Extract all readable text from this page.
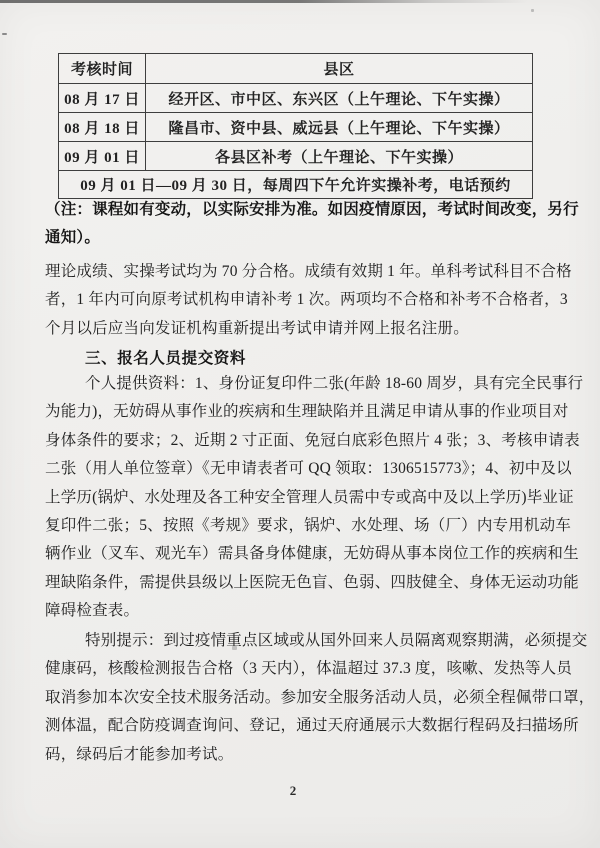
考核时间	县区
08 月 17 日	经开区、市中区、东兴区（上午理论、下午实操）
08 月 18 日	隆昌市、资中县、威远县（上午理论、下午实操）
09 月 01 日	各县区补考（上午理论、下午实操）
09 月 01 日—09 月 30 日，每周四下午允许实操补考，电话预约	
（注：课程如有变动，以实际安排为准。如因疫情原因，考试时间改变，另行
通知）。
理论成绩、实操考试均为 70 分合格。成绩有效期 1 年。单科考试科目不合格
者，1 年内可向原考试机构申请补考 1 次。两项均不合格和补考不合格者，3
个月以后应当向发证机构重新提出考试申请并网上报名注册。
三、报名人员提交资料
个人提供资料：1、身份证复印件二张(年龄 18-60 周岁，具有完全民事行
为能力)，无妨碍从事作业的疾病和生理缺陷并且满足申请从事的作业项目对
身体条件的要求；2、近期 2 寸正面、免冠白底彩色照片 4 张；3、考核申请表
二张（用人单位签章）《无申请表者可 QQ 领取：1306515773》；4、初中及以
上学历(锅炉、水处理及各工种安全管理人员需中专或高中及以上学历)毕业证
复印件二张；5、按照《考规》要求，锅炉、水处理、场（厂）内专用机动车
辆作业（叉车、观光车）需具备身体健康，无妨碍从事本岗位工作的疾病和生
理缺陷条件，需提供县级以上医院无色盲、色弱、四肢健全、身体无运动功能
障碍检查表。
特别提示：到过疫情重点区域或从国外回来人员隔离观察期满，必须提交
健康码，核酸检测报告合格（3 天内），体温超过 37.3 度，咳嗽、发热等人员
取消参加本次安全技术服务活动。参加安全服务活动人员，必须全程佩带口罩，
测体温，配合防疫调查询问、登记，通过天府通展示大数据行程码及扫描场所
码，绿码后才能参加考试。
2
